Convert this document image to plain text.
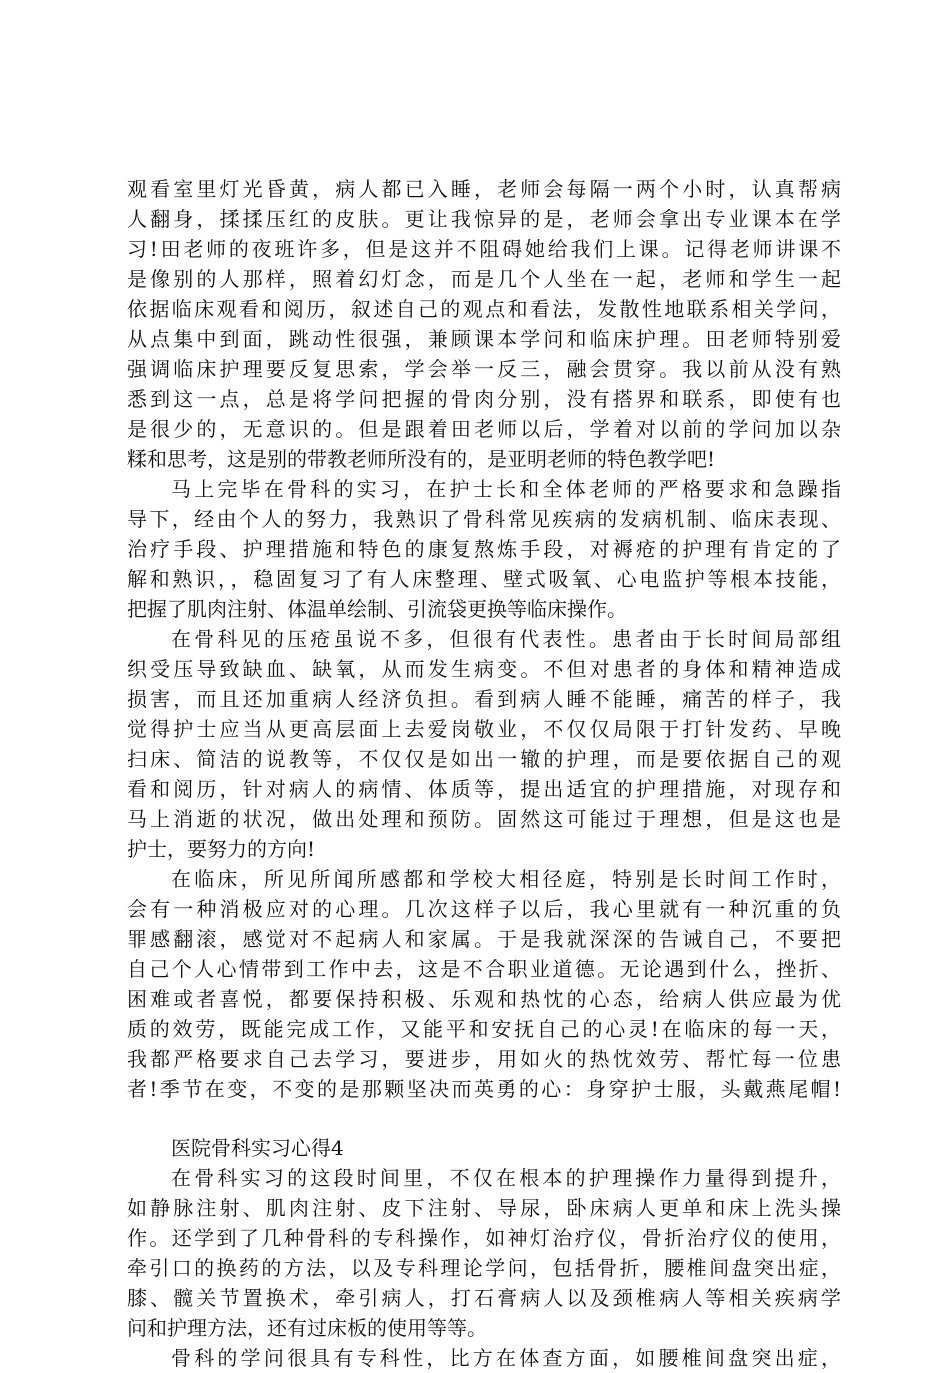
观看室里灯光昏黄，病人都已入睡，老师会每隔一两个小时，认真帮病
人翻身，揉揉压红的皮肤。更让我惊异的是，老师会拿出专业课本在学
习!田老师的夜班许多，但是这并不阻碍她给我们上课。记得老师讲课不
是像别的人那样，照着幻灯念，而是几个人坐在一起，老师和学生一起
依据临床观看和阅历，叙述自己的观点和看法，发散性地联系相关学问，
从点集中到面，跳动性很强，兼顾课本学问和临床护理。田老师特别爱
强调临床护理要反复思索，学会举一反三，融会贯穿。我以前从没有熟
悉到这一点，总是将学问把握的骨肉分别，没有搭界和联系，即使有也
是很少的，无意识的。但是跟着田老师以后，学着对以前的学问加以杂
糅和思考，这是别的带教老师所没有的，是亚明老师的特色教学吧!
马上完毕在骨科的实习，在护士长和全体老师的严格要求和急躁指
导下，经由个人的努力，我熟识了骨科常见疾病的发病机制、临床表现、
治疗手段、护理措施和特色的康复熬炼手段，对褥疮的护理有肯定的了
解和熟识，，稳固复习了有人床整理、壁式吸氧、心电监护等根本技能，
把握了肌肉注射、体温单绘制、引流袋更换等临床操作。
在骨科见的压疮虽说不多，但很有代表性。患者由于长时间局部组
织受压导致缺血、缺氧，从而发生病变。不但对患者的身体和精神造成
损害，而且还加重病人经济负担。看到病人睡不能睡，痛苦的样子，我
觉得护士应当从更高层面上去爱岗敬业，不仅仅局限于打针发药、早晚
扫床、简洁的说教等，不仅仅是如出一辙的护理，而是要依据自己的观
看和阅历，针对病人的病情、体质等，提出适宜的护理措施，对现存和
马上消逝的状况，做出处理和预防。固然这可能过于理想，但是这也是
护士，要努力的方向!
在临床，所见所闻所感都和学校大相径庭，特别是长时间工作时，
会有一种消极应对的心理。几次这样子以后，我心里就有一种沉重的负
罪感翻滚，感觉对不起病人和家属。于是我就深深的告诫自己，不要把
自己个人心情带到工作中去，这是不合职业道德。无论遇到什么，挫折、
困难或者喜悦，都要保持积极、乐观和热忱的心态，给病人供应最为优
质的效劳，既能完成工作，又能平和安抚自己的心灵!在临床的每一天，
我都严格要求自己去学习，要进步，用如火的热忱效劳、帮忙每一位患
者!季节在变，不变的是那颗坚决而英勇的心：身穿护士服，头戴燕尾帽!
医院骨科实习心得4
在骨科实习的这段时间里，不仅在根本的护理操作力量得到提升，
如静脉注射、肌肉注射、皮下注射、导尿，卧床病人更单和床上洗头操
作。还学到了几种骨科的专科操作，如神灯治疗仪，骨折治疗仪的使用，
牵引口的换药的方法，以及专科理论学问，包括骨折，腰椎间盘突出症，
膝、髋关节置换术，牵引病人，打石膏病人以及颈椎病人等相关疾病学
问和护理方法，还有过床板的使用等等。
骨科的学问很具有专科性，比方在体查方面，如腰椎间盘突出症，
